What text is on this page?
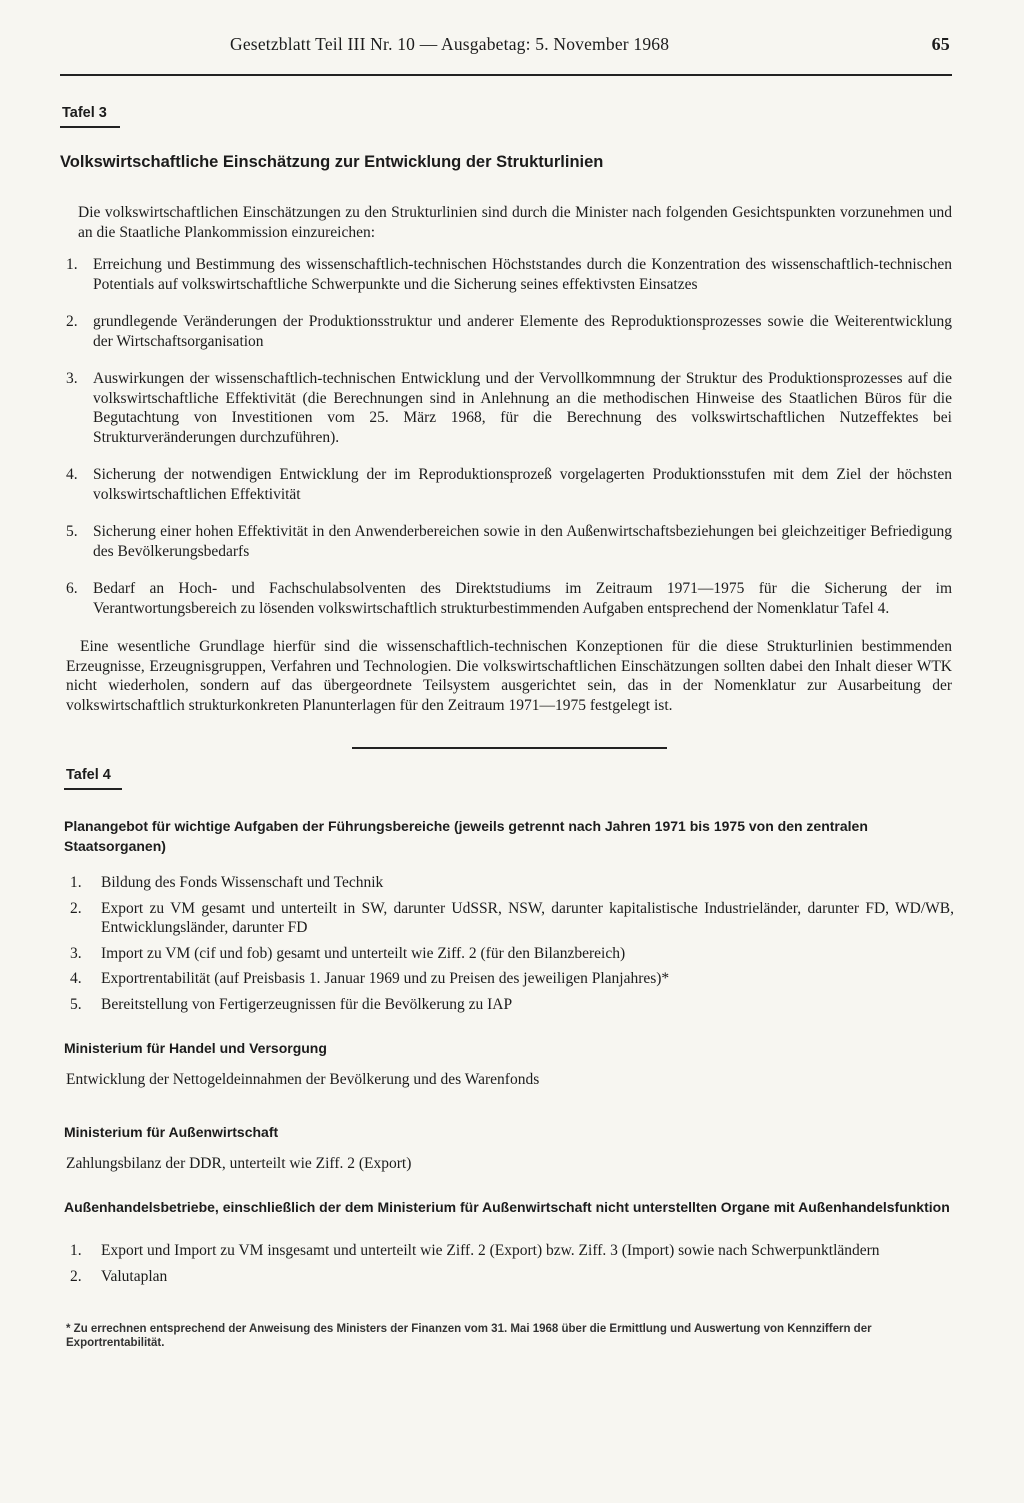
Gesetzblatt Teil III Nr. 10 — Ausgabetag: 5. November 1968	65
Tafel 3
Volkswirtschaftliche Einschätzung zur Entwicklung der Strukturlinien
Die volkswirtschaftlichen Einschätzungen zu den Strukturlinien sind durch die Minister nach folgenden Gesichtspunkten vorzunehmen und an die Staatliche Plankommission einzureichen:
1. Erreichung und Bestimmung des wissenschaftlich-technischen Höchststandes durch die Konzentration des wissenschaftlich-technischen Potentials auf volkswirtschaftliche Schwerpunkte und die Sicherung seines effektivsten Einsatzes
2. grundlegende Veränderungen der Produktionsstruktur und anderer Elemente des Reproduktionsprozesses sowie die Weiterentwicklung der Wirtschaftsorganisation
3. Auswirkungen der wissenschaftlich-technischen Entwicklung und der Vervollkommnung der Struktur des Produktionsprozesses auf die volkswirtschaftliche Effektivität (die Berechnungen sind in Anlehnung an die methodischen Hinweise des Staatlichen Büros für die Begutachtung von Investitionen vom 25. März 1968, für die Berechnung des volkswirtschaftlichen Nutzeffektes bei Strukturveränderungen durchzuführen).
4. Sicherung der notwendigen Entwicklung der im Reproduktionsprozeß vorgelagerten Produktionsstufen mit dem Ziel der höchsten volkswirtschaftlichen Effektivität
5. Sicherung einer hohen Effektivität in den Anwenderbereichen sowie in den Außenwirtschaftsbeziehungen bei gleichzeitiger Befriedigung des Bevölkerungsbedarfs
6. Bedarf an Hoch- und Fachschulabsolventen des Direktstudiums im Zeitraum 1971—1975 für die Sicherung der im Verantwortungsbereich zu lösenden volkswirtschaftlich strukturbestimmenden Aufgaben entsprechend der Nomenklatur Tafel 4.
Eine wesentliche Grundlage hierfür sind die wissenschaftlich-technischen Konzeptionen für die diese Strukturlinien bestimmenden Erzeugnisse, Erzeugnisgruppen, Verfahren und Technologien. Die volkswirtschaftlichen Einschätzungen sollten dabei den Inhalt dieser WTK nicht wiederholen, sondern auf das übergeordnete Teilsystem ausgerichtet sein, das in der Nomenklatur zur Ausarbeitung der volkswirtschaftlich strukturkonkreten Planunterlagen für den Zeitraum 1971—1975 festgelegt ist.
Tafel 4
Planangebot für wichtige Aufgaben der Führungsbereiche (jeweils getrennt nach Jahren 1971 bis 1975 von den zentralen Staatsorganen)
1. Bildung des Fonds Wissenschaft und Technik
2. Export zu VM gesamt und unterteilt in SW, darunter UdSSR, NSW, darunter kapitalistische Industrieländer, darunter FD, WD/WB, Entwicklungsländer, darunter FD
3. Import zu VM (cif und fob) gesamt und unterteilt wie Ziff. 2 (für den Bilanzbereich)
4. Exportrentabilität (auf Preisbasis 1. Januar 1969 und zu Preisen des jeweiligen Planjahres)*
5. Bereitstellung von Fertigerzeugnissen für die Bevölkerung zu IAP
Ministerium für Handel und Versorgung
Entwicklung der Nettogeldeinnahmen der Bevölkerung und des Warenfonds
Ministerium für Außenwirtschaft
Zahlungsbilanz der DDR, unterteilt wie Ziff. 2 (Export)
Außenhandelsbetriebe, einschließlich der dem Ministerium für Außenwirtschaft nicht unterstellten Organe mit Außenhandelsfunktion
1. Export und Import zu VM insgesamt und unterteilt wie Ziff. 2 (Export) bzw. Ziff. 3 (Import) sowie nach Schwerpunktländern
2. Valutaplan
* Zu errechnen entsprechend der Anweisung des Ministers der Finanzen vom 31. Mai 1968 über die Ermittlung und Auswertung von Kennziffern der Exportrentabilität.
